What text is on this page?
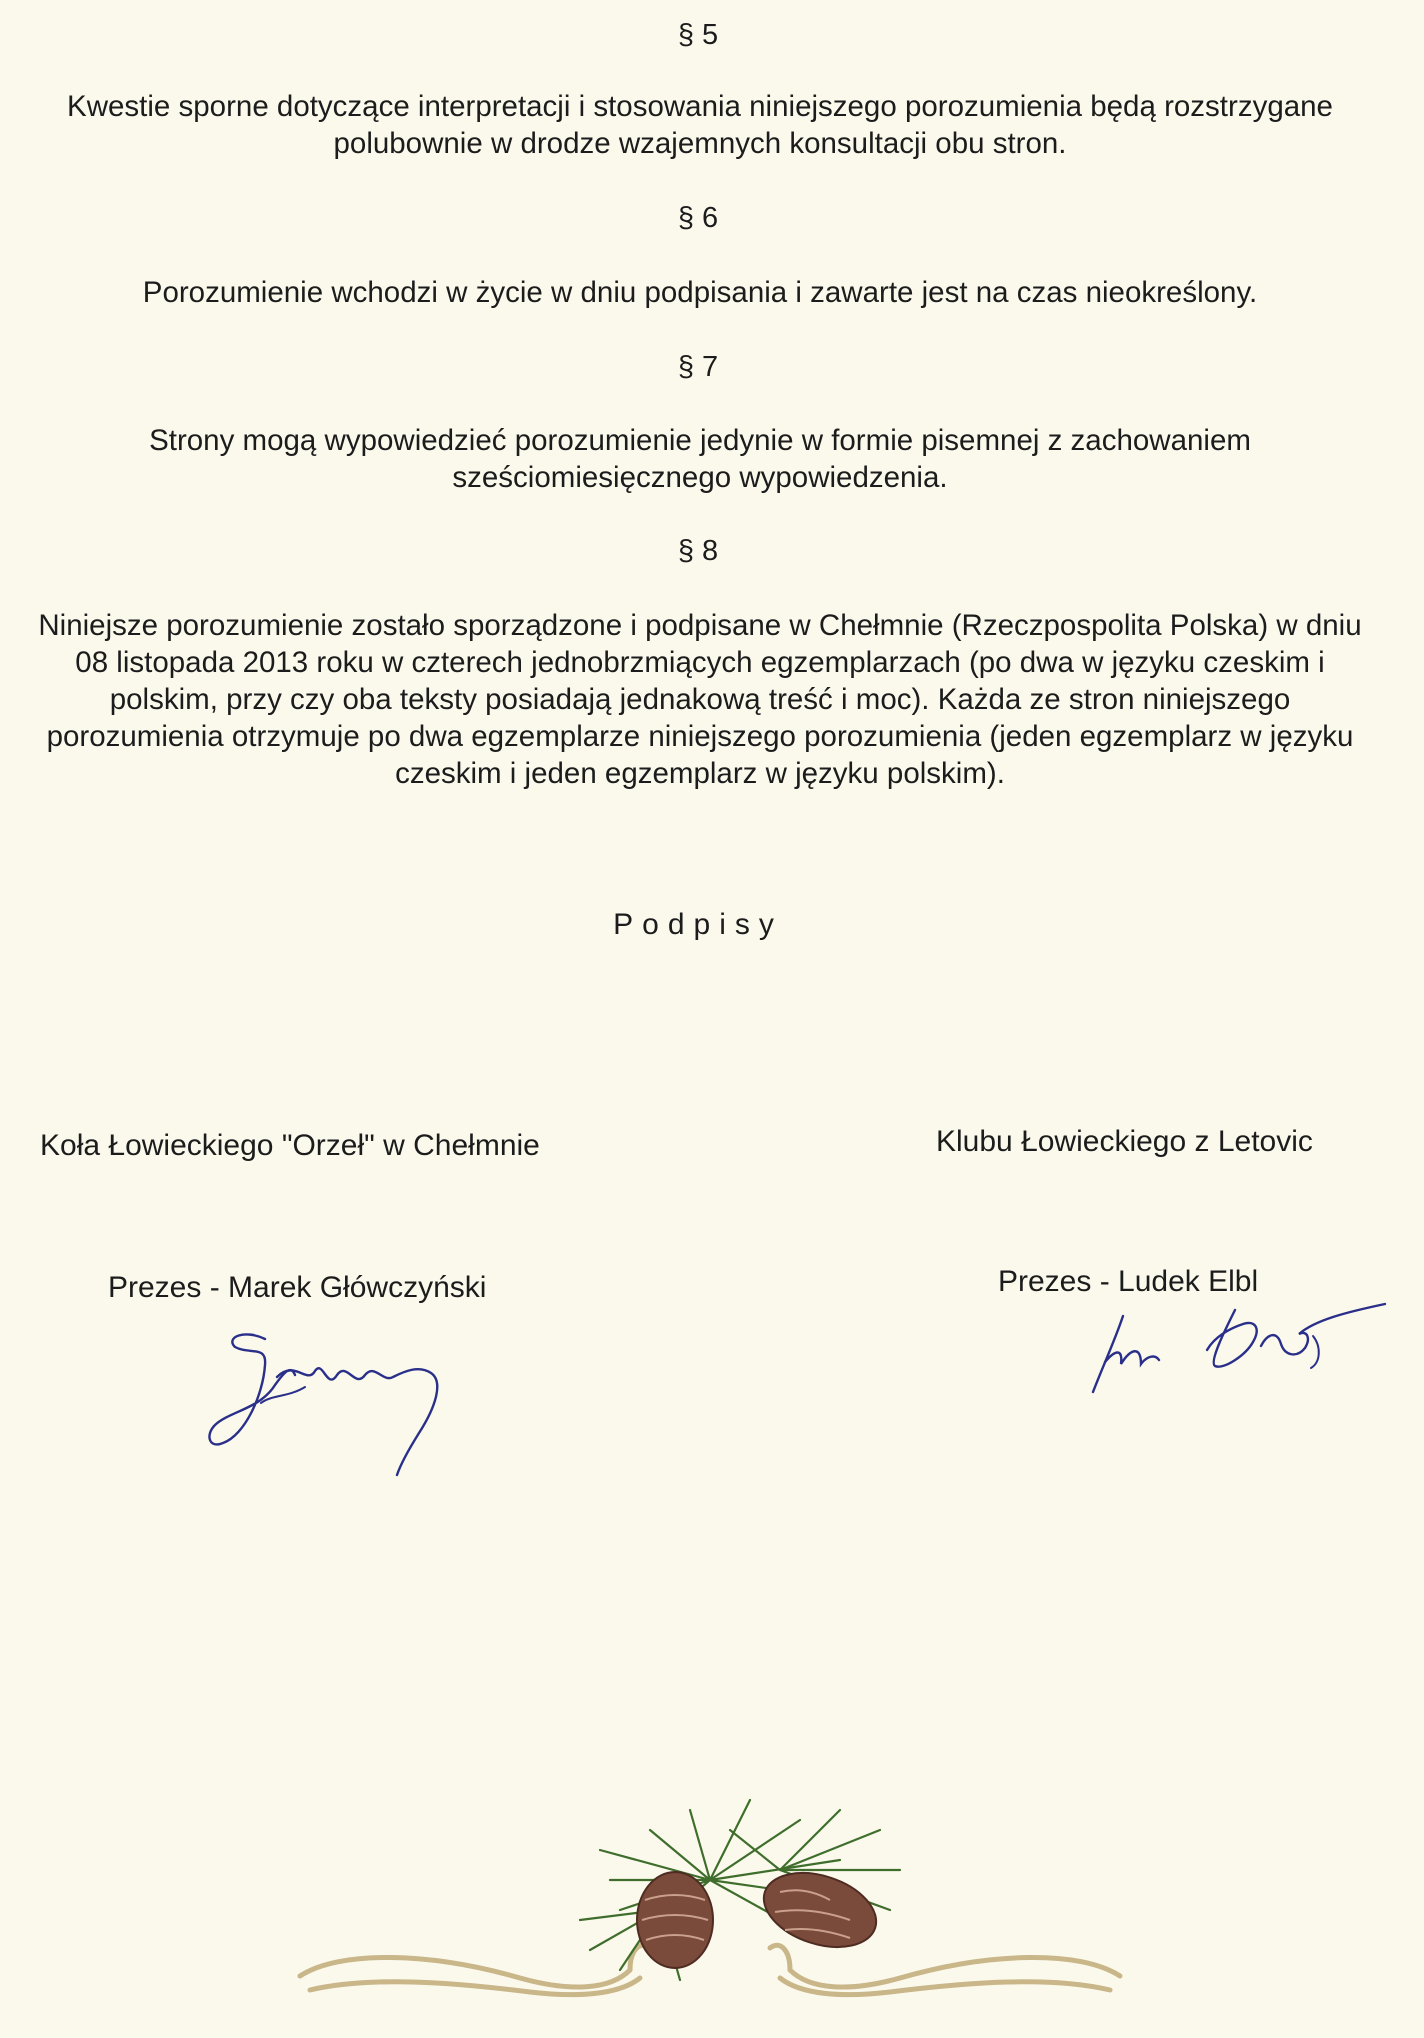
§ 5
Kwestie sporne dotyczące interpretacji i stosowania niniejszego porozumienia będą rozstrzygane polubownie w drodze wzajemnych konsultacji obu stron.
§ 6
Porozumienie wchodzi w życie w dniu podpisania i zawarte jest na czas nieokreślony.
§ 7
Strony mogą wypowiedzieć porozumienie jedynie w formie pisemnej z zachowaniem sześciomiesięcznego wypowiedzenia.
§ 8
Niniejsze porozumienie zostało sporządzone i podpisane w Chełmnie (Rzeczpospolita Polska) w dniu 08 listopada 2013 roku w czterech jednobrzmiących egzemplarzach (po dwa w języku czeskim i polskim, przy czy oba teksty posiadają jednakową treść i moc). Każda ze stron niniejszego porozumienia otrzymuje po dwa egzemplarze niniejszego porozumienia (jeden egzemplarz w języku czeskim i jeden egzemplarz w języku polskim).
Podpisy
Koła Łowieckiego "Orzeł" w Chełmnie	Klubu Łowieckiego z Letovic
Prezes - Marek Główczyński	Prezes - Ludek Elbl
